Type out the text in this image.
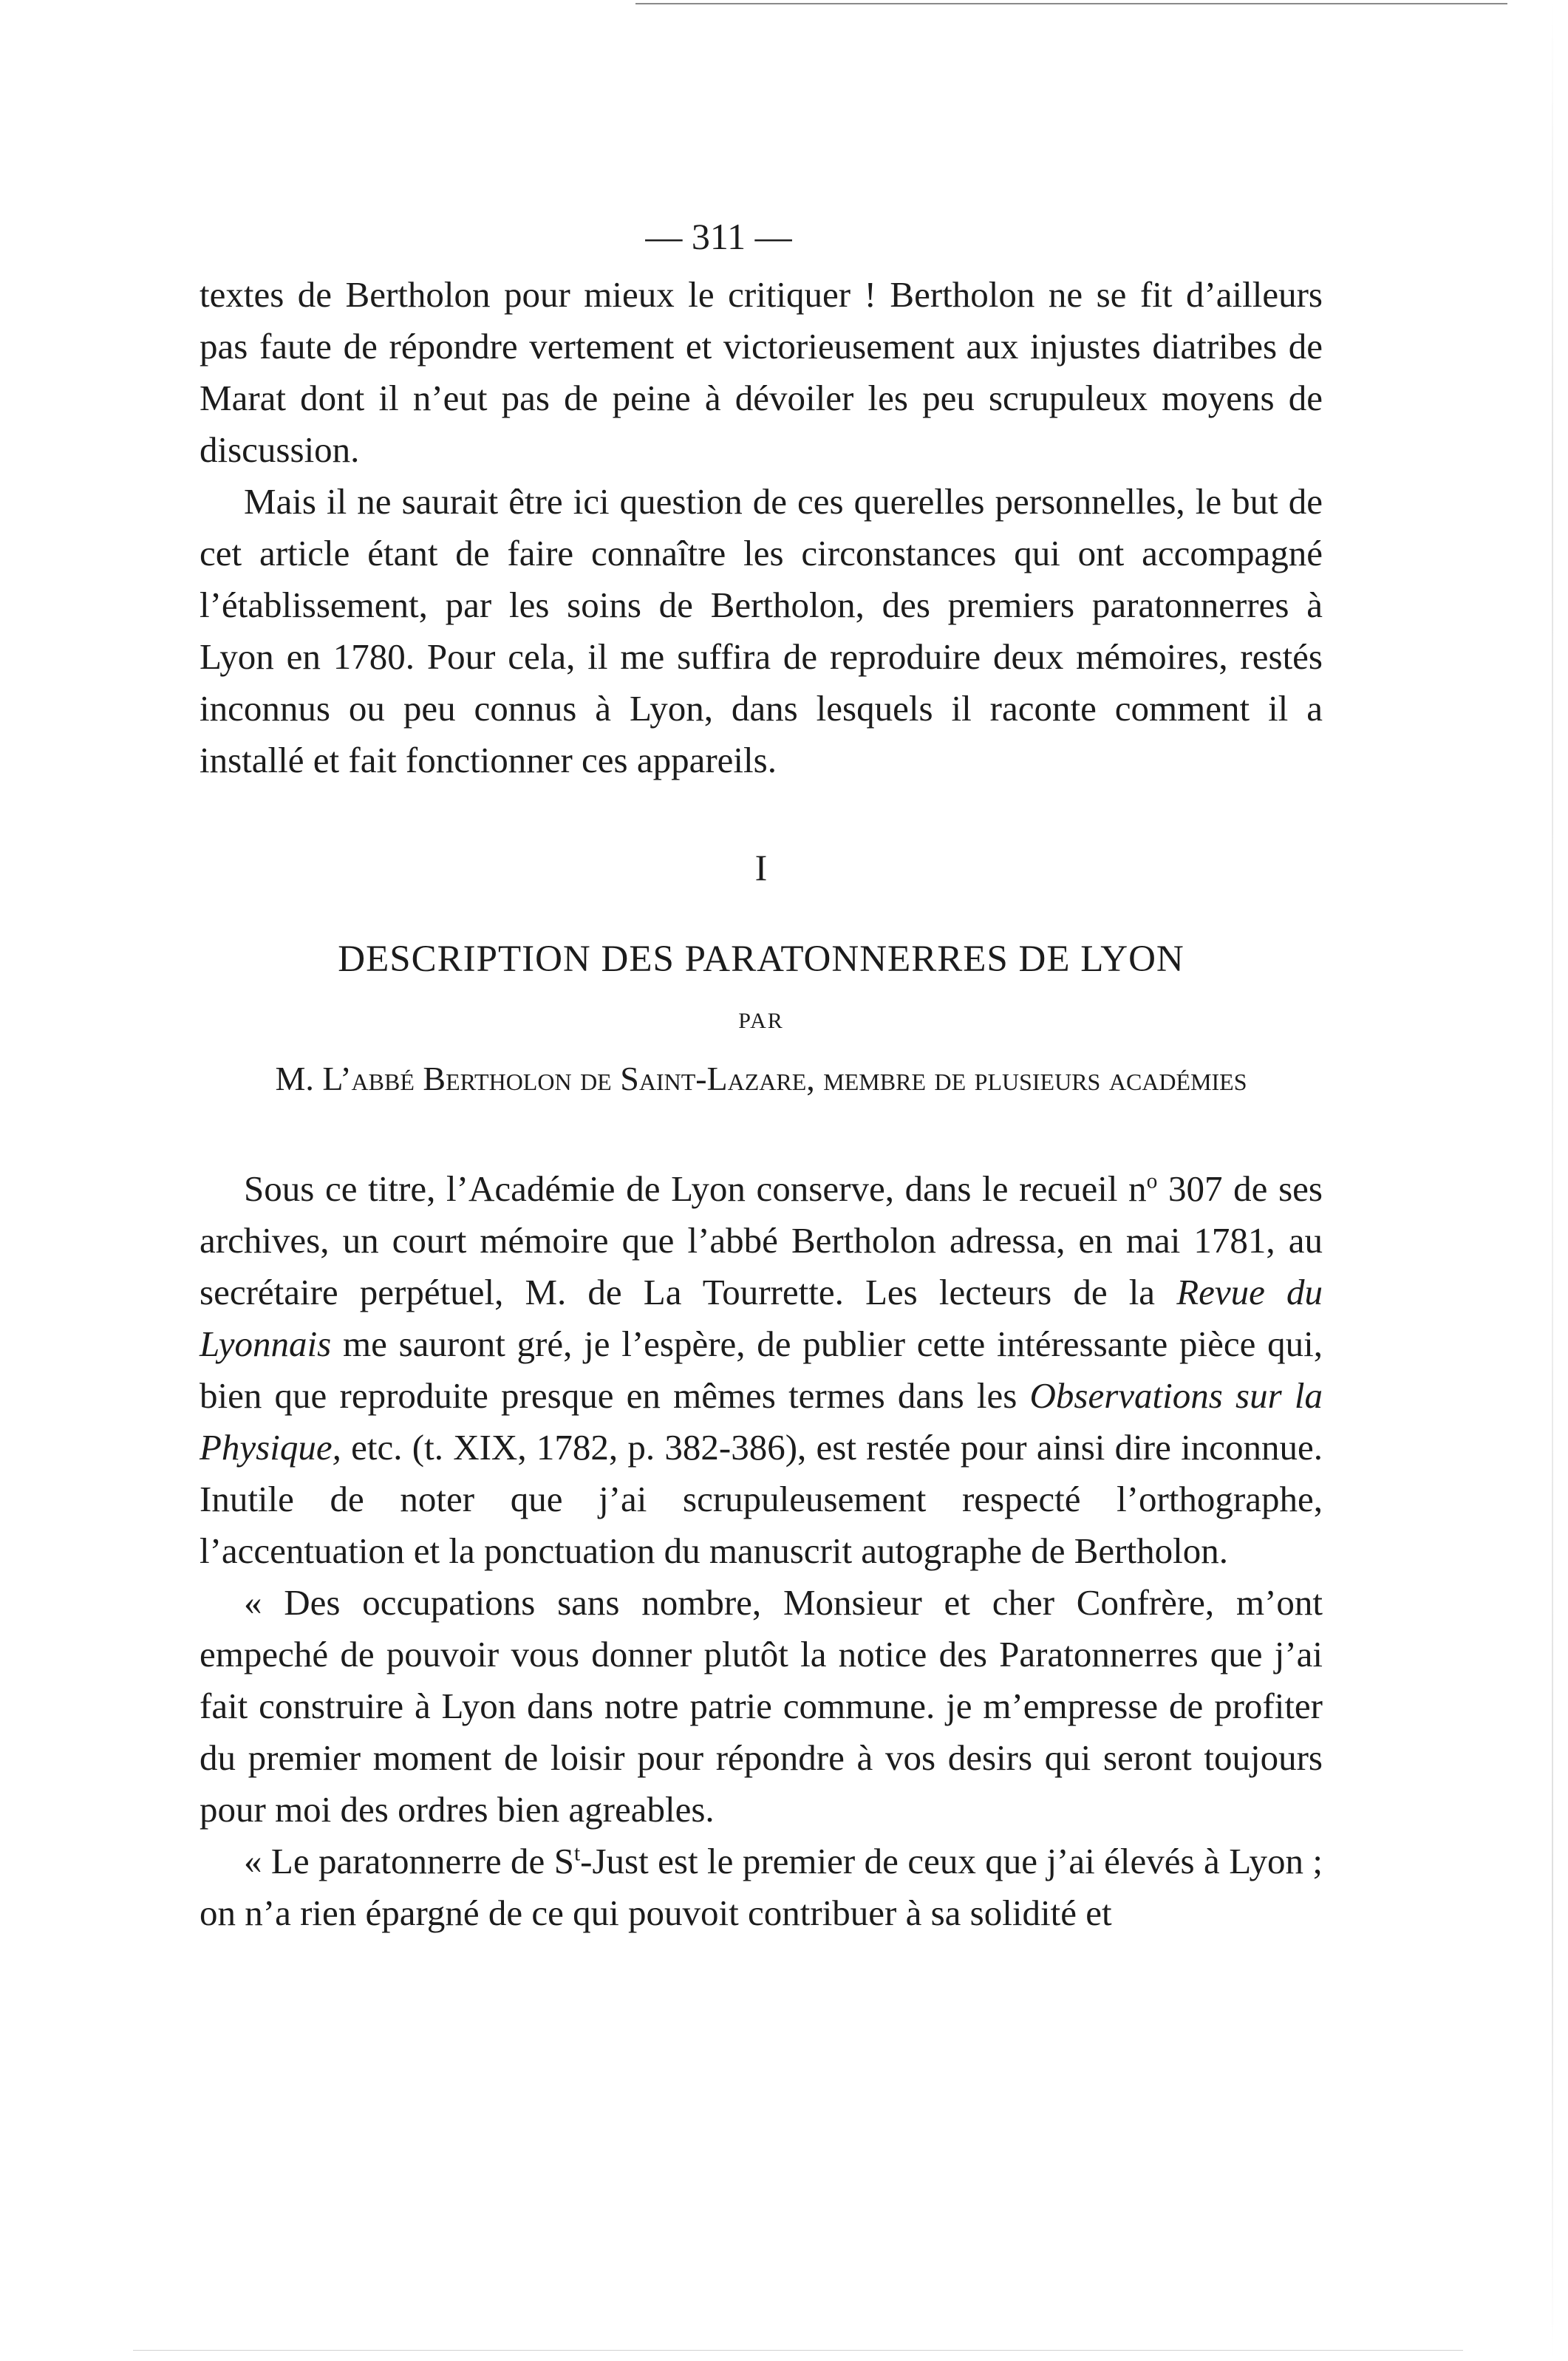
— 311 —

textes de Bertholon pour mieux le critiquer ! Bertholon ne se fit d’ailleurs pas faute de répondre vertement et victorieusement aux injustes diatribes de Marat dont il n’eut pas de peine à dévoiler les peu scrupuleux moyens de discussion.

Mais il ne saurait être ici question de ces querelles personnelles, le but de cet article étant de faire connaître les circonstances qui ont accompagné l’établissement, par les soins de Bertholon, des premiers paratonnerres à Lyon en 1780. Pour cela, il me suffira de reproduire deux mémoires, restés inconnus ou peu connus à Lyon, dans lesquels il raconte comment il a installé et fait fonctionner ces appareils.

I
DESCRIPTION DES PARATONNERRES DE LYON
PAR
M. L’abbé Bertholon de Saint-Lazare, membre de plusieurs académies

Sous ce titre, l’Académie de Lyon conserve, dans le recueil $n^o$ 307 de ses archives, un court mémoire que l’abbé Bertholon adressa, en mai 1781, au secrétaire perpétuel, M. de La Tourrette. Les lecteurs de la Revue du Lyonnais me sauront gré, je l’espère, de publier cette intéressante pièce qui, bien que reproduite presque en mêmes termes dans les Observations sur la Physique, etc. (t. XIX, 1782, p. 382-386), est restée pour ainsi dire inconnue. Inutile de noter que j’ai scrupuleusement respecté l’orthographe, l’accentuation et la ponctuation du manuscrit autographe de Bertholon.

« Des occupations sans nombre, Monsieur et cher Confrère, m’ont empeché de pouvoir vous donner plutôt la notice des Paratonnerres que j’ai fait construire à Lyon dans notre patrie commune. je m’empresse de profiter du premier moment de loisir pour répondre à vos desirs qui seront toujours pour moi des ordres bien agreables.

« Le paratonnerre de $S^t$-Just est le premier de ceux que j’ai élevés à Lyon ; on n’a rien épargné de ce qui pouvoit contribuer à sa solidité et
